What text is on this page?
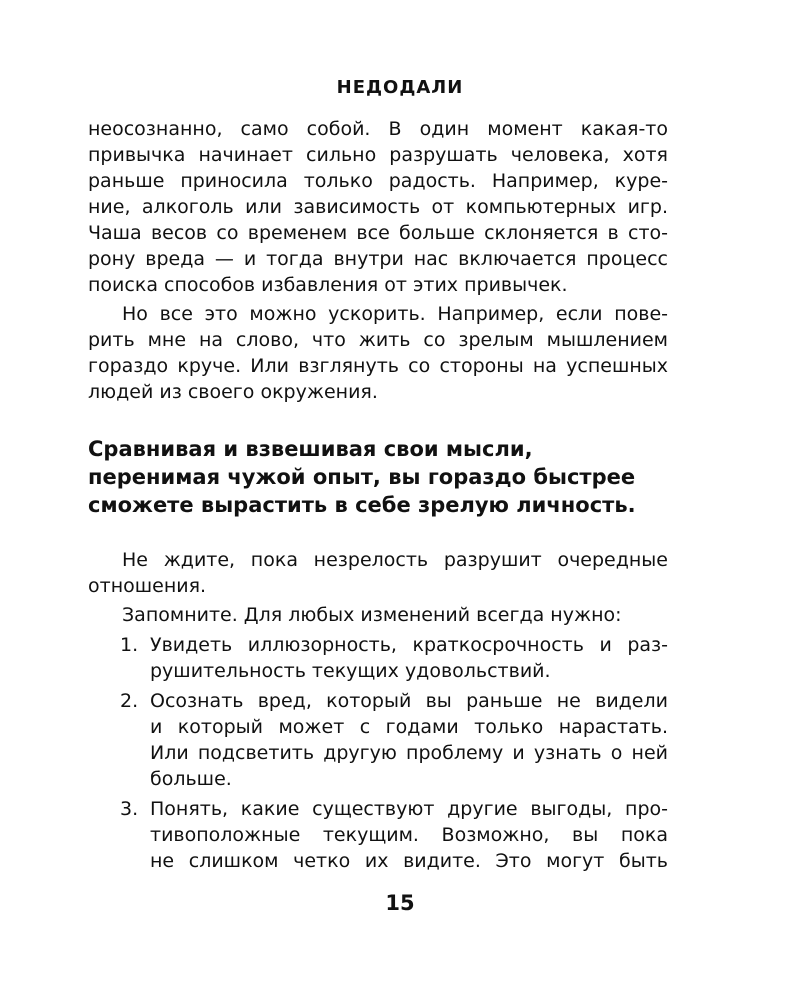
НЕДОДАЛИ
неосознанно, само собой. В один момент какая-то
привычка начинает сильно разрушать человека, хотя
раньше приносила только радость. Например, куре-
ние, алкоголь или зависимость от компьютерных игр.
Чаша весов со временем все больше склоняется в сто-
рону вреда — и тогда внутри нас включается процесс
поиска способов избавления от этих привычек.
Но все это можно ускорить. Например, если пове-
рить мне на слово, что жить со зрелым мышлением
гораздо круче. Или взглянуть со стороны на успешных
людей из своего окружения.
Сравнивая и взвешивая свои мысли,
перенимая чужой опыт, вы гораздо быстрее
сможете вырастить в себе зрелую личность.
Не ждите, пока незрелость разрушит очередные
отношения.
Запомните. Для любых изменений всегда нужно:
1. Увидеть иллюзорность, краткосрочность и раз-
рушительность текущих удовольствий.
2. Осознать вред, который вы раньше не видели
и который может с годами только нарастать.
Или подсветить другую проблему и узнать о ней
больше.
3. Понять, какие существуют другие выгоды, про-
тивоположные текущим. Возможно, вы пока
не слишком четко их видите. Это могут быть
15
